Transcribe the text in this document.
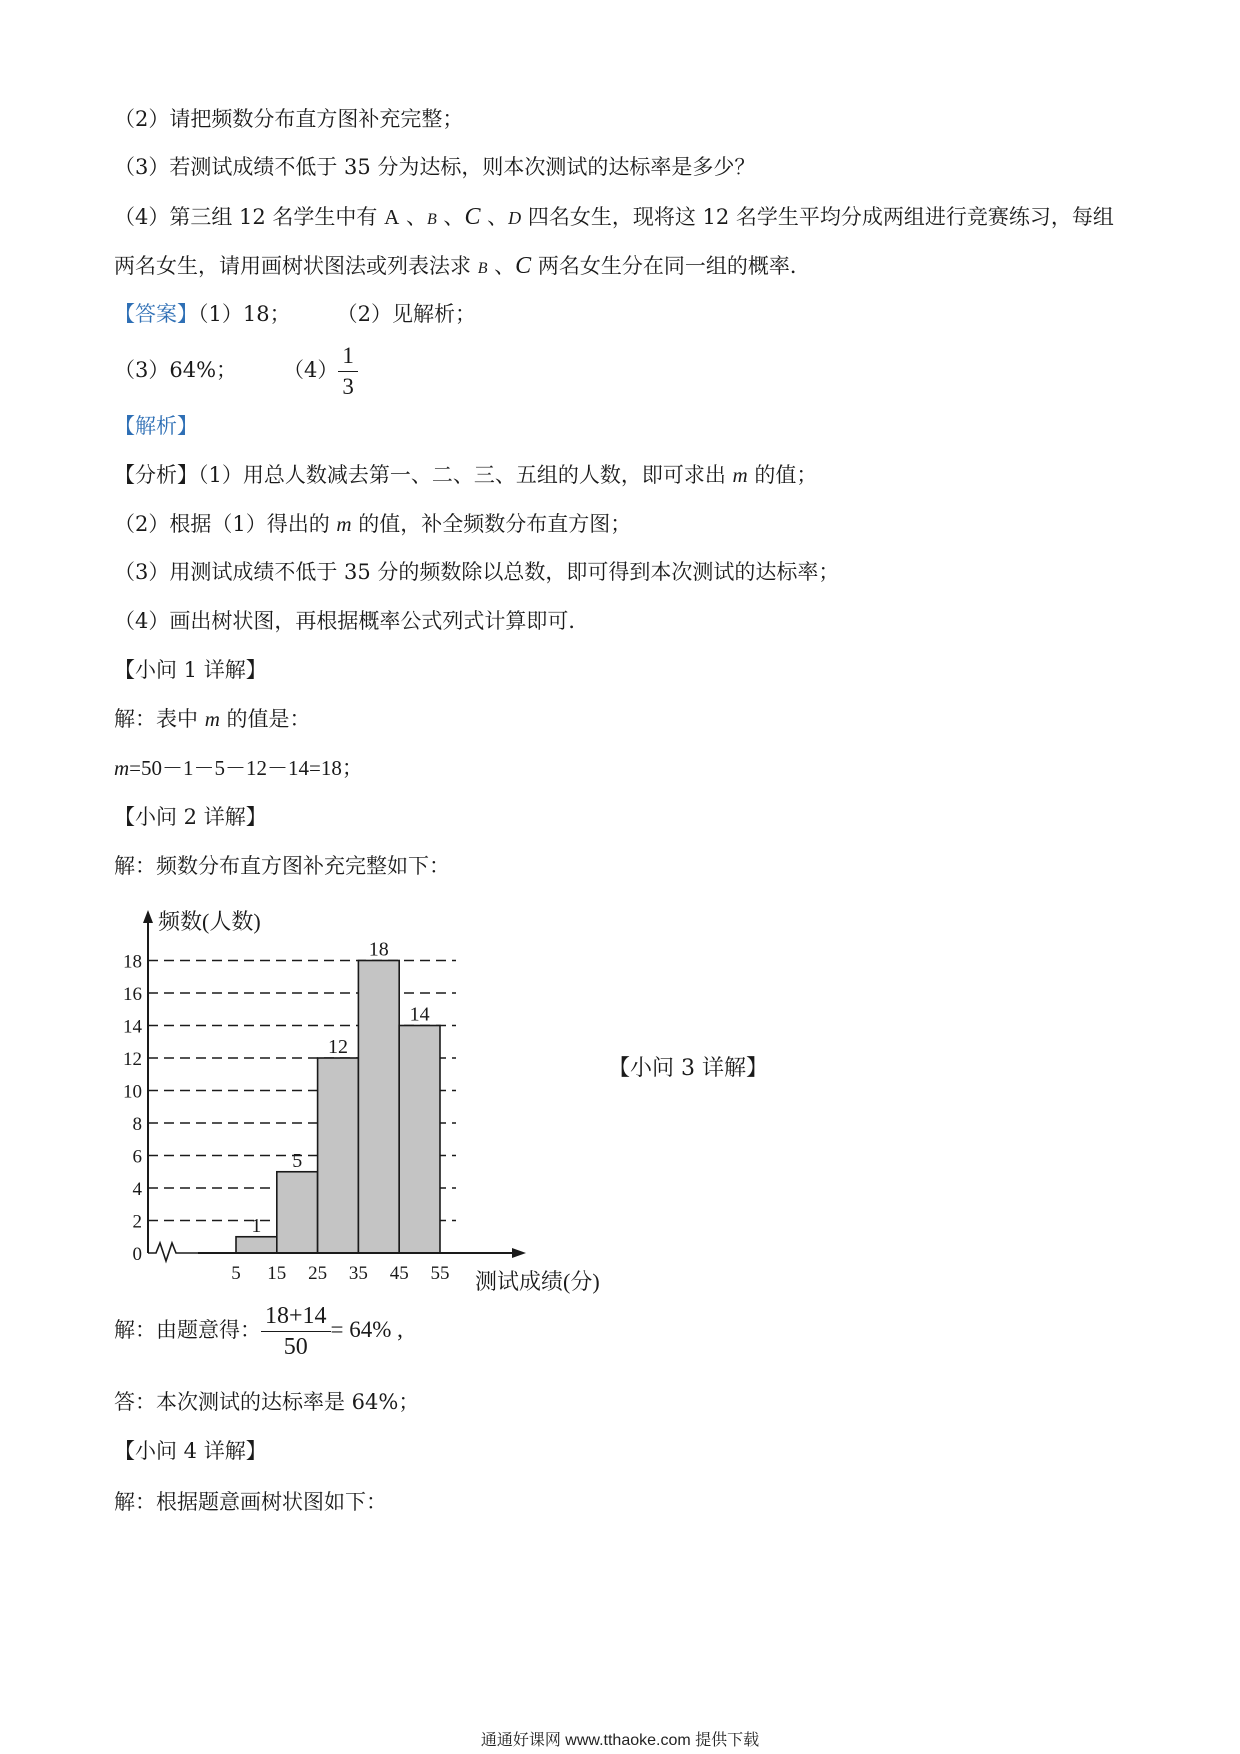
（2）请把频数分布直方图补充完整；
（3）若测试成绩不低于 35 分为达标，则本次测试的达标率是多少？
（4）第三组 12 名学生中有 A 、B 、C 、D 四名女生，现将这 12 名学生平均分成两组进行竞赛练习，每组
两名女生，请用画树状图法或列表法求 B 、C 两名女生分在同一组的概率．
【答案】（1）18； （2）见解析；
（3）64%； $(4) \frac{1}{3}$
【解析】
【分析】（1）用总人数减去第一、二、三、五组的人数，即可求出 m 的值；
（2）根据（1）得出的 m 的值，补全频数分布直方图；
（3）用测试成绩不低于 35 分的频数除以总数，即可得到本次测试的达标率；
（4）画出树状图，再根据概率公式列式计算即可．
【小问 1 详解】
解：表中 m 的值是：
m=50－1－5－12－14=18；
【小问 2 详解】
解：频数分布直方图补充完整如下：
0
2
4
6
8
10
12
14
16
18
5 15 25 35 45 55
1
5
12
18
14
频数(人数)
测试成绩(分)
【小问 3 详解】
解：由题意得： $\frac{18+14}{50} = 64\%$ ,
答：本次测试的达标率是 64%；
【小问 4 详解】
解：根据题意画树状图如下：
通通好课网 www.tthaoke.com 提供下载
